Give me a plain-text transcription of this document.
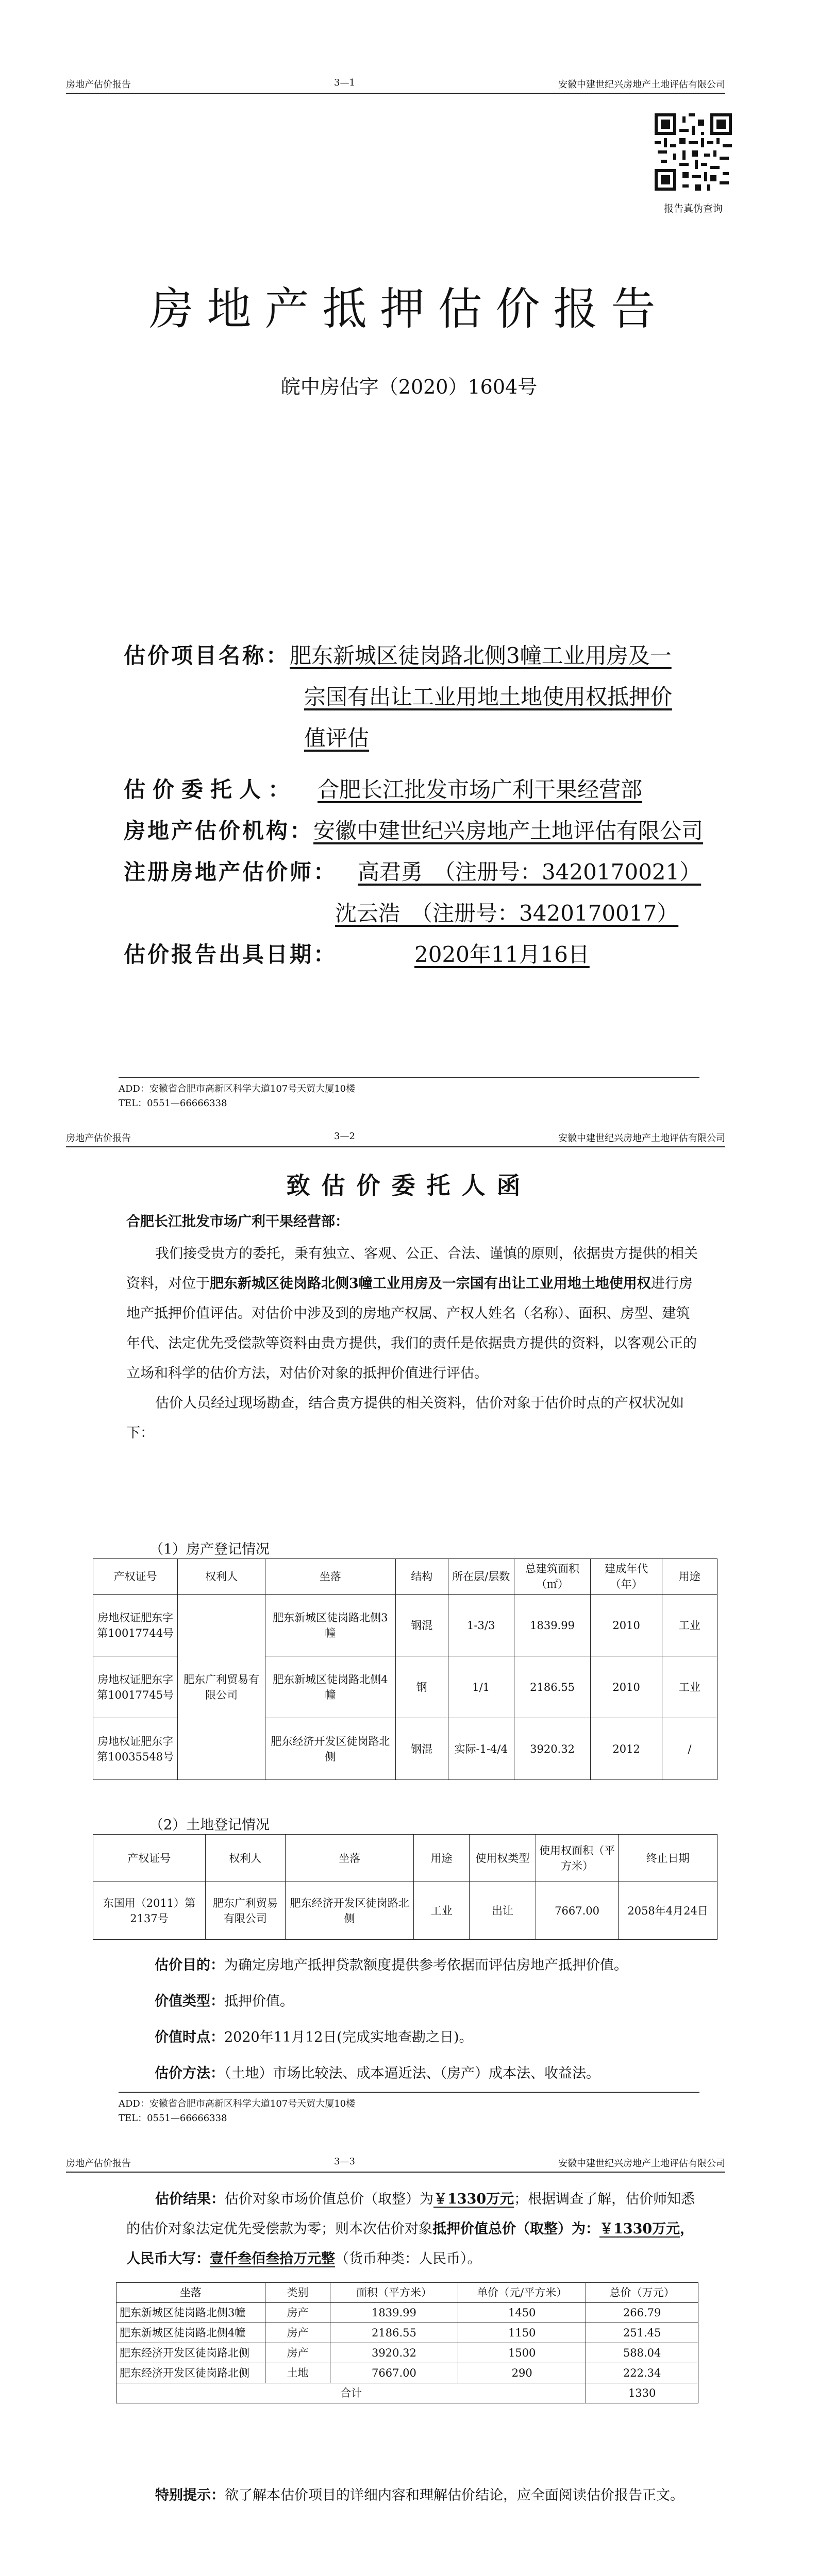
房地产估价报告	3—1	安徽中建世纪兴房地产土地评估有限公司
报告真伪查询
房地产抵押估价报告
皖中房估字（2020）1604号
估价项目名称：肥东新城区徒岗路北侧3幢工业用房及一
宗国有出让工业用地土地使用权抵押价
值评估
估价委托人： 合肥长江批发市场广利干果经营部
房地产估价机构：安徽中建世纪兴房地产土地评估有限公司
注册房地产估价师： 高君勇　（注册号：3420170021）
沈云浩　（注册号：3420170017）
估价报告出具日期：	2020年11月16日
ADD：安徽省合肥市高新区科学大道107号天贸大厦10楼
TEL：0551—66666338
房地产估价报告	3—2	安徽中建世纪兴房地产土地评估有限公司
致估价委托人函
合肥长江批发市场广利干果经营部：

我们接受贵方的委托，秉有独立、客观、公正、合法、谨慎的原则，依据贵方提供的相关资料，对位于肥东新城区徒岗路北侧3幢工业用房及一宗国有出让工业用地土地使用权进行房地产抵押价值评估。对估价中涉及到的房地产权属、产权人姓名（名称）、面积、房型、建筑年代、法定优先受偿款等资料由贵方提供，我们的责任是依据贵方提供的资料，以客观公正的立场和科学的估价方法，对估价对象的抵押价值进行评估。

估价人员经过现场勘查，结合贵方提供的相关资料，估价对象于估价时点的产权状况如下：

（1）房产登记情况
产权证号	权利人	坐落	结构	所在层/层数	总建筑面积（㎡）	建成年代（年）	用途
房地权证肥东字第10017744号	肥东广利贸易有限公司	肥东新城区徒岗路北侧3幢	钢混	1-3/3	1839.99	2010	工业
房地权证肥东字第10017745号		肥东新城区徒岗路北侧4幢	钢	1/1	2186.55	2010	工业
房地权证肥东字第10035548号		肥东经济开发区徒岗路北侧	钢混	实际-1-4/4	3920.32	2012	/
（2）土地登记情况
产权证号	权利人	坐落	用途	使用权类型	使用权面积（平方米）	终止日期
东国用（2011）第2137号	肥东广利贸易有限公司	肥东经济开发区徒岗路北侧	工业	出让	7667.00	2058年4月24日
估价目的：为确定房地产抵押贷款额度提供参考依据而评估房地产抵押价值。
价值类型：抵押价值。
价值时点：2020年11月12日(完成实地查勘之日)。
估价方法：（土地）市场比较法、成本逼近法、（房产）成本法、收益法。
ADD：安徽省合肥市高新区科学大道107号天贸大厦10楼
TEL：0551—66666338
房地产估价报告	3—3	安徽中建世纪兴房地产土地评估有限公司

估价结果：估价对象市场价值总价（取整）为￥1330万元；根据调查了解，估价师知悉的估价对象法定优先受偿款为零；则本次估价对象抵押价值总价（取整）为：￥1330万元，人民币大写：壹仟叁佰叁拾万元整（货币种类：人民币）。

坐落	类别	面积（平方米）	单价（元/平方米）	总价（万元）
肥东新城区徒岗路北侧3幢	房产	1839.99	1450	266.79
肥东新城区徒岗路北侧4幢	房产	2186.55	1150	251.45
肥东经济开发区徒岗路北侧	房产	3920.32	1500	588.04
肥东经济开发区徒岗路北侧	土地	7667.00	290	222.34
合计				1330

特别提示：欲了解本估价项目的详细内容和理解估价结论，应全面阅读估价报告正文。
